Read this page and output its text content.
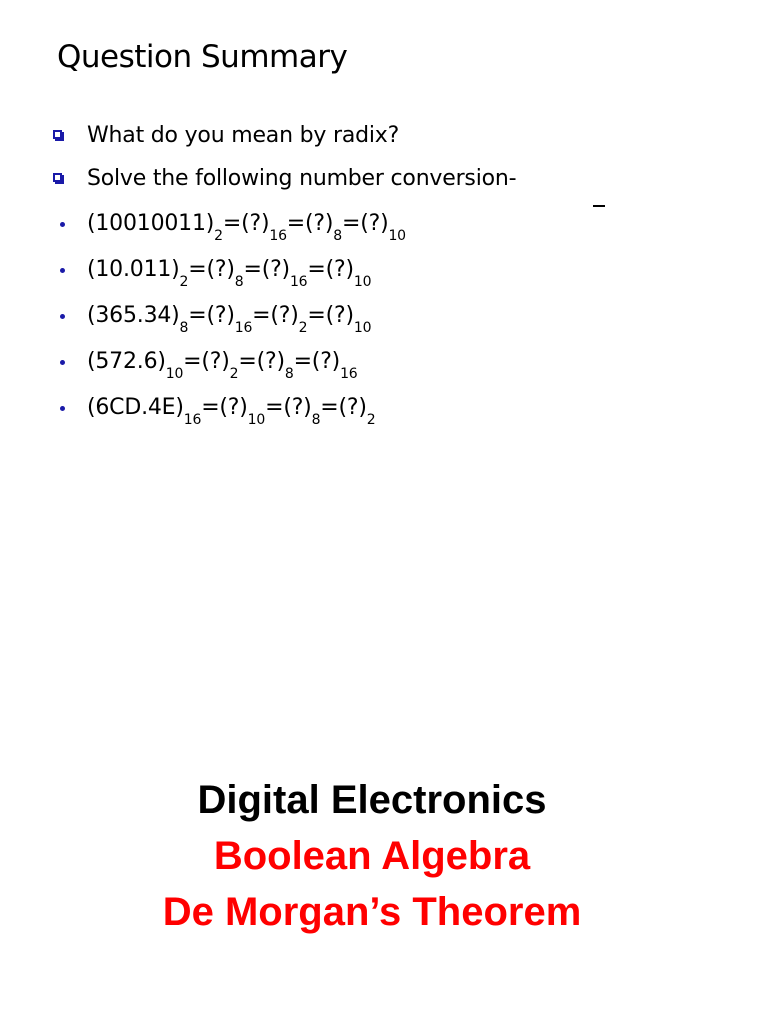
Question Summary
What do you mean by radix?
Solve the following number conversion-
$(10010011)_2=(?)_{16}=(?)_8=(?)_{10}$
$(10.011)_2=(?)_8=(?)_{16}=(?)_{10}$
$(365.34)_8=(?)_{16}=(?)_2=(?)_{10}$
$(572.6)_{10}=(?)_2=(?)_8=(?)_{16}$
$(6CD.4E)_{16}=(?)_{10}=(?)_8=(?)_2$
Digital Electronics
Boolean Algebra
De Morgan’s Theorem
